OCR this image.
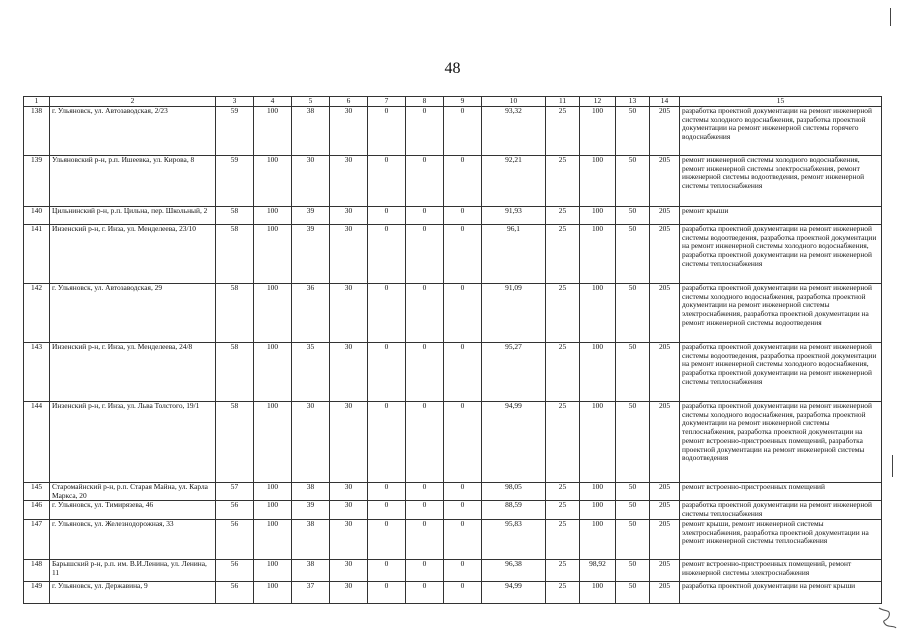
48
1	2	3	4	5	6	7	8	9	10	11	12	13	14	15
138	г. Ульяновск, ул. Автозаводская, 2/23	59	100	38	30	0	0	0	93,32	25	100	50	205	разработка проектной документации на ремонт инженерной системы холодного водоснабжения, разработка проектной документации на ремонт инженерной системы горячего водоснабжения
139	Ульяновский р-н, р.п. Ишеевка, ул. Кирова, 8	59	100	30	30	0	0	0	92,21	25	100	50	205	ремонт инженерной системы холодного водоснабжения, ремонт инженерной системы электроснабжения, ремонт инженерной системы водоотведения, ремонт инженерной системы теплоснабжения
140	Цильнинский р-н, р.п. Цильна, пер. Школьный, 2	58	100	39	30	0	0	0	91,93	25	100	50	205	ремонт крыши
141	Инзенский р-н, г. Инза, ул. Менделеева, 23/10	58	100	39	30	0	0	0	96,1	25	100	50	205	разработка проектной документации на ремонт инженерной системы водоотведения, разработка проектной документации на ремонт инженерной системы холодного водоснабжения, разработка проектной документации на ремонт инженерной системы теплоснабжения
142	г. Ульяновск, ул. Автозаводская, 29	58	100	36	30	0	0	0	91,09	25	100	50	205	разработка проектной документации на ремонт инженерной системы холодного водоснабжения, разработка проектной документации на ремонт инженерной системы электроснабжения, разработка проектной документации на ремонт инженерной системы водоотведения
143	Инзенский р-н, г. Инза, ул. Менделеева, 24/8	58	100	35	30	0	0	0	95,27	25	100	50	205	разработка проектной документации на ремонт инженерной системы водоотведения, разработка проектной документации на ремонт инженерной системы холодного водоснабжения, разработка проектной документации на ремонт инженерной системы теплоснабжения
144	Инзенский р-н, г. Инза, ул. Льва Толстого, 19/1	58	100	30	30	0	0	0	94,99	25	100	50	205	разработка проектной документации на ремонт инженерной системы холодного водоснабжения, разработка проектной документации на ремонт инженерной системы теплоснабжения, разработка проектной документации на ремонт встроенно-пристроенных помещений, разработка проектной документации на ремонт инженерной системы водоотведения
145	Старомайнский р-н, р.п. Старая Майна, ул. Карла Маркса, 20	57	100	38	30	0	0	0	98,05	25	100	50	205	ремонт встроенно-пристроенных помещений
146	г. Ульяновск, ул. Тимирязева, 46	56	100	39	30	0	0	0	88,59	25	100	50	205	разработка проектной документации на ремонт инженерной системы теплоснабжения
147	г. Ульяновск, ул. Железнодорожная, 33	56	100	38	30	0	0	0	95,83	25	100	50	205	ремонт крыши, ремонт инженерной системы электроснабжения, разработка проектной документации на ремонт инженерной системы теплоснабжения
148	Барышский р-н, р.п. им. В.И.Ленина, ул. Ленина, 11	56	100	38	30	0	0	0	96,38	25	98,92	50	205	ремонт встроенно-пристроенных помещений, ремонт инженерной системы электроснабжения
149	г. Ульяновск, ул. Державина, 9	56	100	37	30	0	0	0	94,99	25	100	50	205	разработка проектной документации на ремонт крыши
